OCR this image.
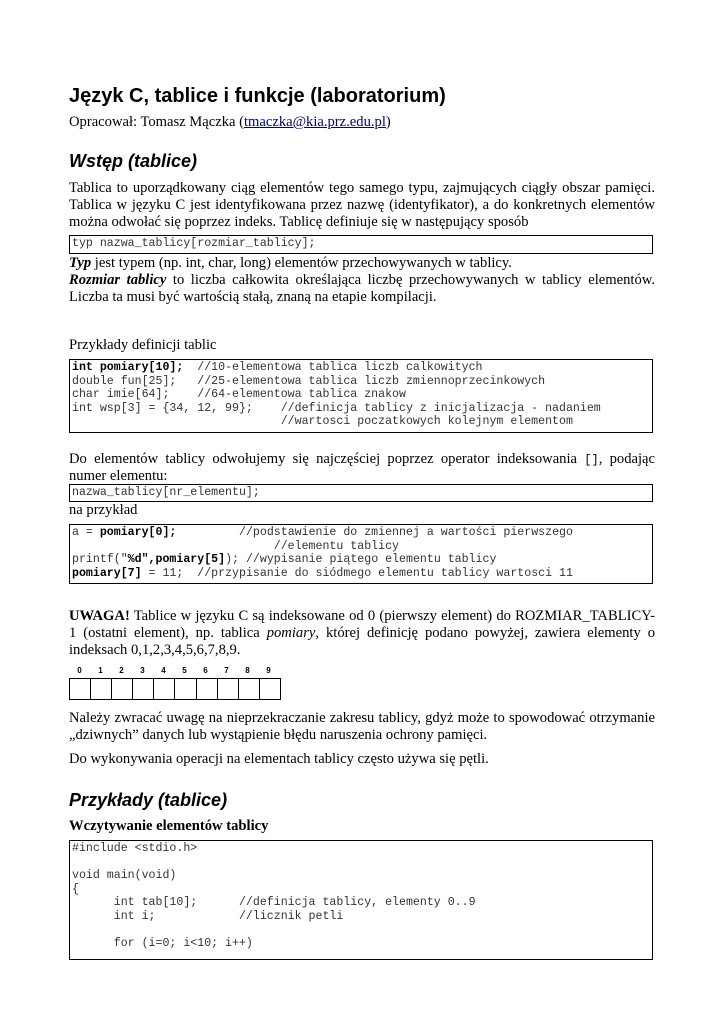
Język C, tablice i funkcje (laboratorium)
Opracował: Tomasz Mączka (tmaczka@kia.prz.edu.pl)
Wstęp (tablice)
Tablica to uporządkowany ciąg elementów tego samego typu, zajmujących ciągły obszar pamięci. Tablica w języku C jest identyfikowana przez nazwę (identyfikator), a do konkretnych elementów można odwołać się poprzez indeks. Tablicę definiuje się w następujący sposób
typ nazwa_tablicy[rozmiar_tablicy];
Typ jest typem (np. int, char, long) elementów przechowywanych w tablicy.
Rozmiar tablicy to liczba całkowita określająca liczbę przechowywanych w tablicy elementów. Liczba ta musi być wartością stałą, znaną na etapie kompilacji.
Przykłady definicji tablic
int pomiary[10];  //10-elementowa tablica liczb calkowitych
double fun[25];   //25-elementowa tablica liczb zmiennoprzecinkowych
char imie[64];    //64-elementowa tablica znakow
int wsp[3] = {34, 12, 99};    //definicja tablicy z inicjalizacja - nadaniem
//wartosci poczatkowych kolejnym elementom
Do elementów tablicy odwołujemy się najczęściej poprzez operator indeksowania [], podając numer elementu:
nazwa_tablicy[nr_elementu];
na przykład
a = pomiary[0];         //podstawienie do zmiennej a wartości pierwszego
//elementu tablicy
printf("%d",pomiary[5]); //wypisanie piątego elementu tablicy
pomiary[7] = 11;  //przypisanie do siódmego elementu tablicy wartosci 11
UWAGA! Tablice w języku C są indeksowane od 0 (pierwszy element) do ROZMIAR_TABLICY-1 (ostatni element), np. tablica pomiary, której definicję podano powyżej, zawiera elementy o indeksach 0,1,2,3,4,5,6,7,8,9.
0	1	2	3	4	5	6	7	8	9
Należy zwracać uwagę na nieprzekraczanie zakresu tablicy, gdyż może to spowodować otrzymanie „dziwnych” danych lub wystąpienie błędu naruszenia ochrony pamięci.
Do wykonywania operacji na elementach tablicy często używa się pętli.
Przykłady (tablice)
Wczytywanie elementów tablicy
#include <stdio.h>
void main(void)
{
int tab[10];      //definicja tablicy, elementy 0..9
int i;            //licznik petli
for (i=0; i<10; i++)
